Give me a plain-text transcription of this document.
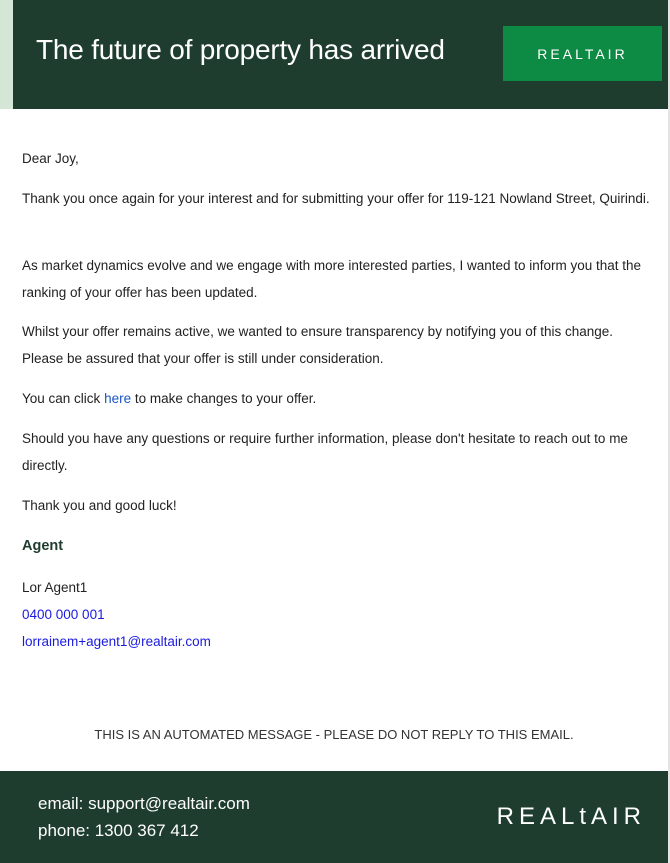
The future of property has arrived	REALTAIR
Dear Joy,
Thank you once again for your interest and for submitting your offer for 119-121 Nowland Street, Quirindi.
As market dynamics evolve and we engage with more interested parties, I wanted to inform you that the ranking of your offer has been updated.
Whilst your offer remains active, we wanted to ensure transparency by notifying you of this change. Please be assured that your offer is still under consideration.
You can click here to make changes to your offer.
Should you have any questions or require further information, please don't hesitate to reach out to me directly.
Thank you and good luck!
Agent
Lor Agent1
0400 000 001
lorrainem+agent1@realtair.com
THIS IS AN AUTOMATED MESSAGE - PLEASE DO NOT REPLY TO THIS EMAIL.
email: support@realtair.com
phone: 1300 367 412
REALtAIR
